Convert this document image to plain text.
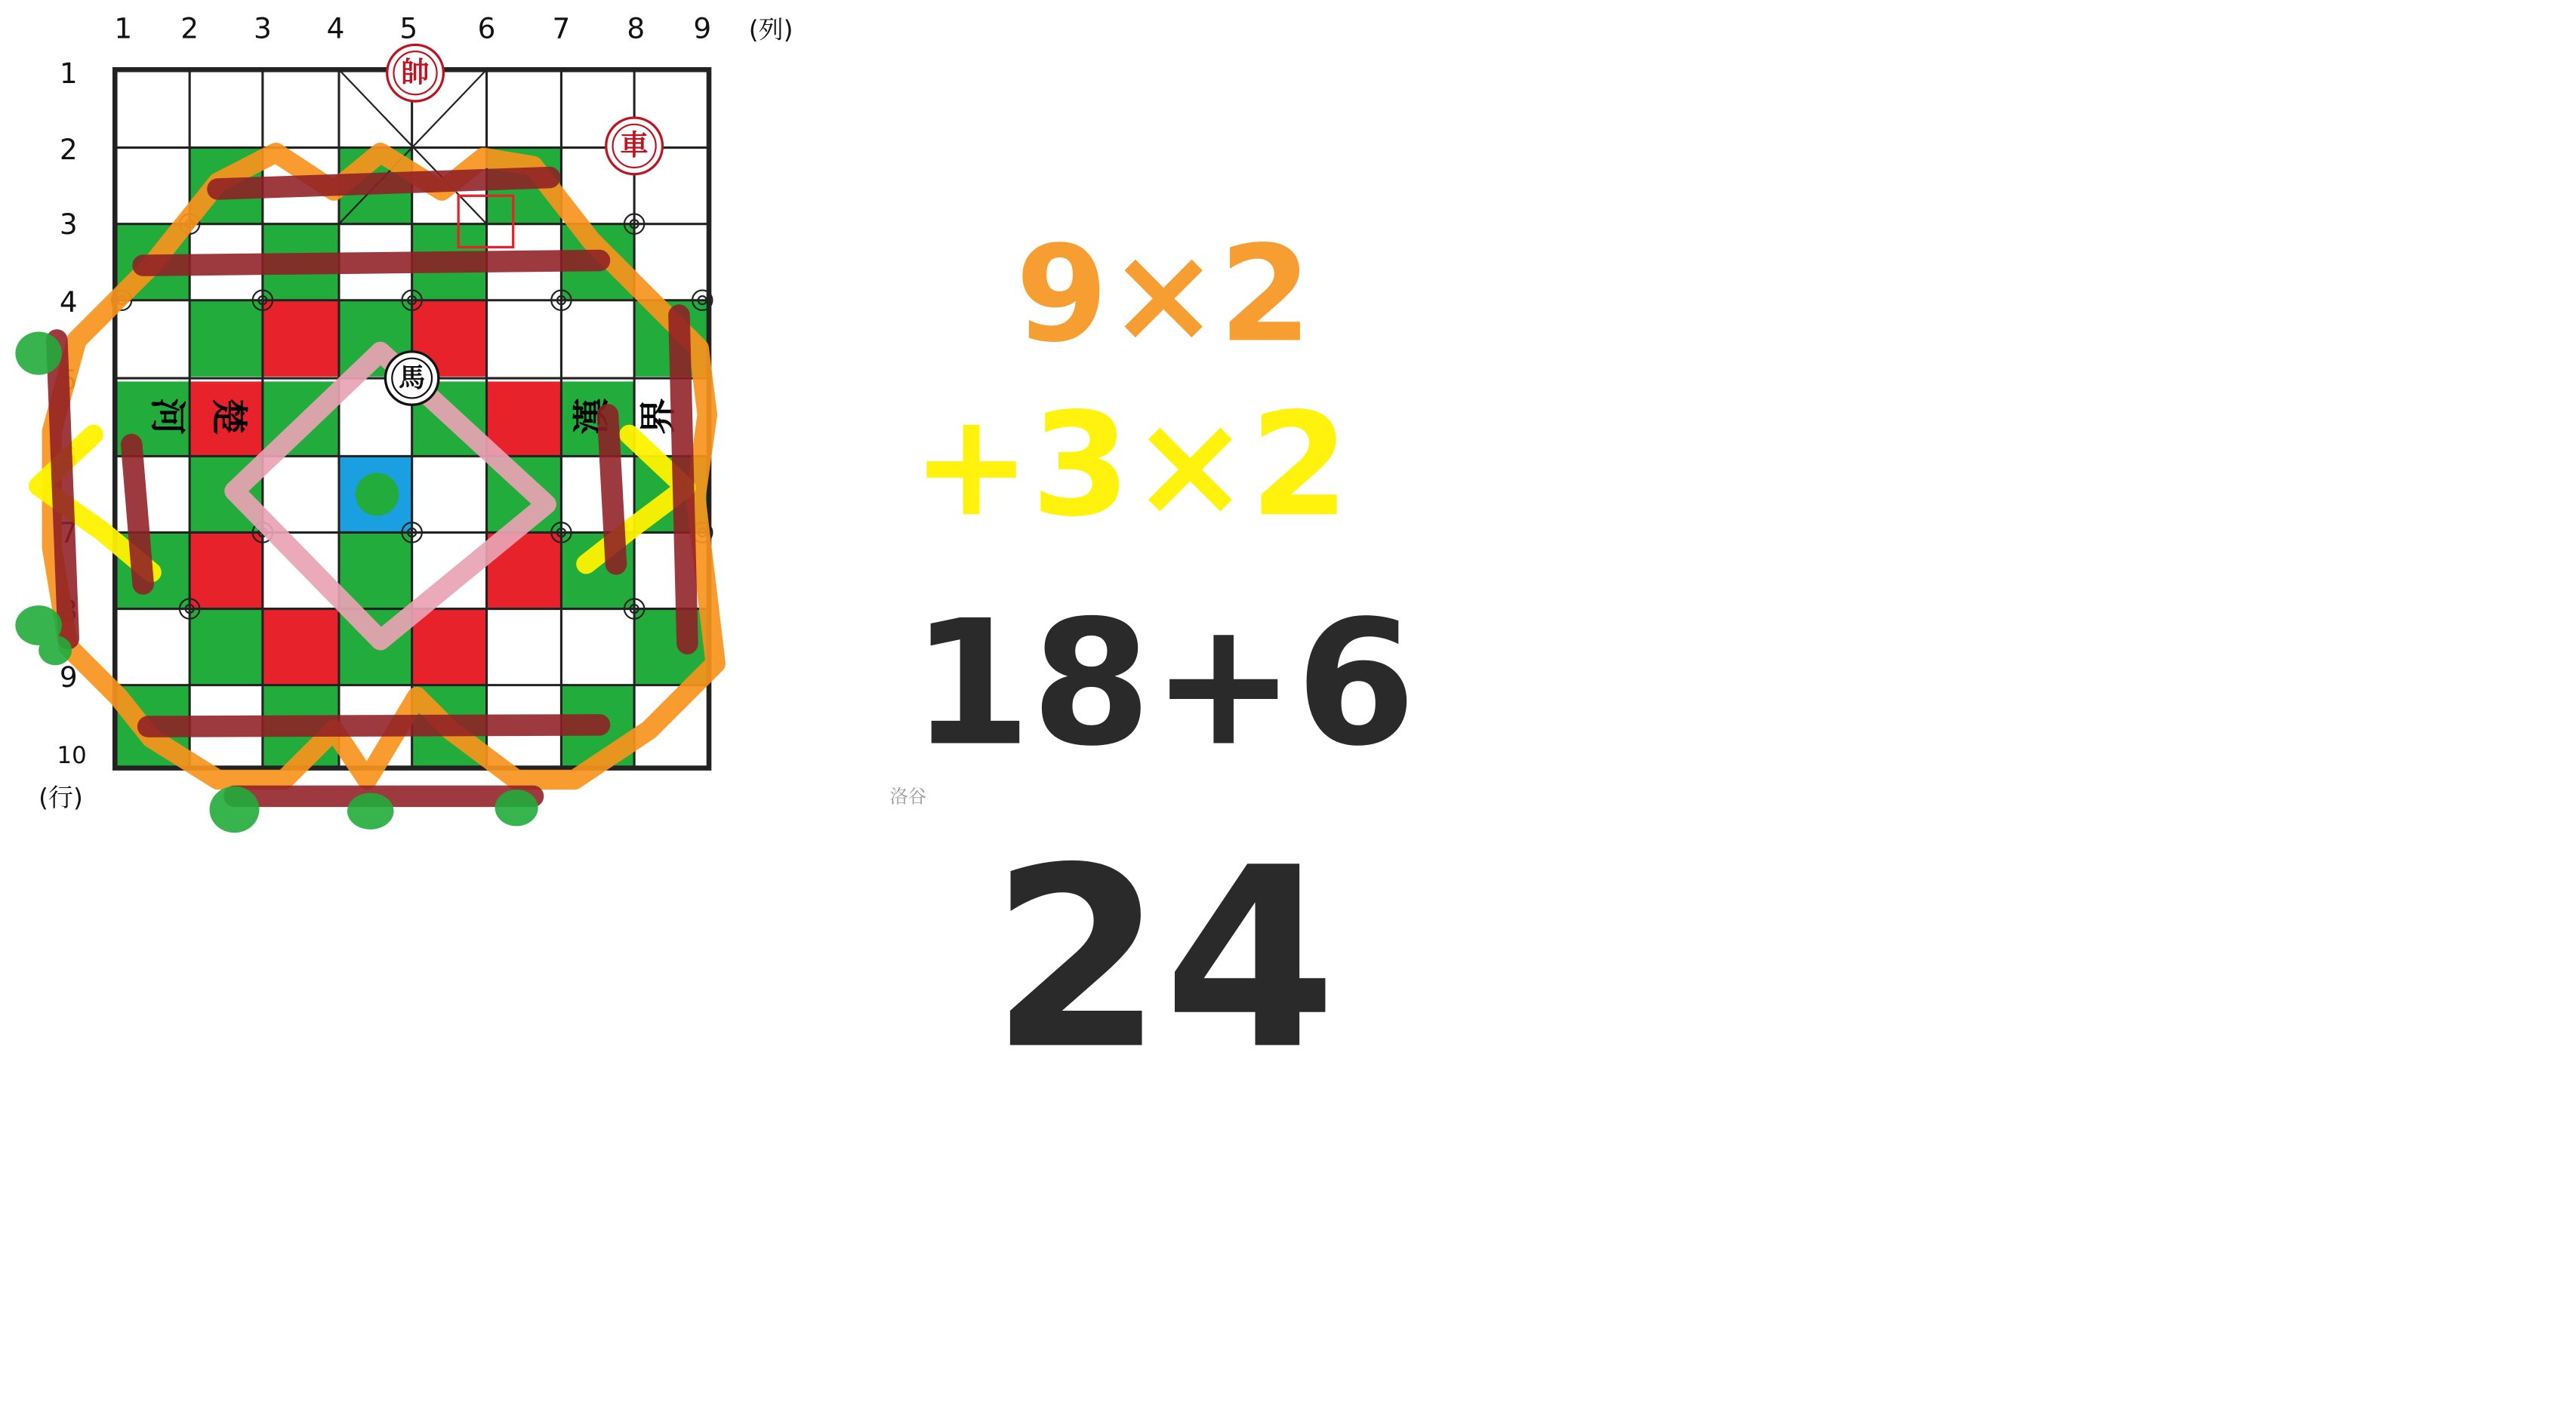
1	2	3	4	5	6	7	8	9	(列)
1
2
3
4
5
6
7
8
9
10
(行)
楚
河	漢 界
帥
車
馬
9×2
+3×2
18+6
24
洛谷
